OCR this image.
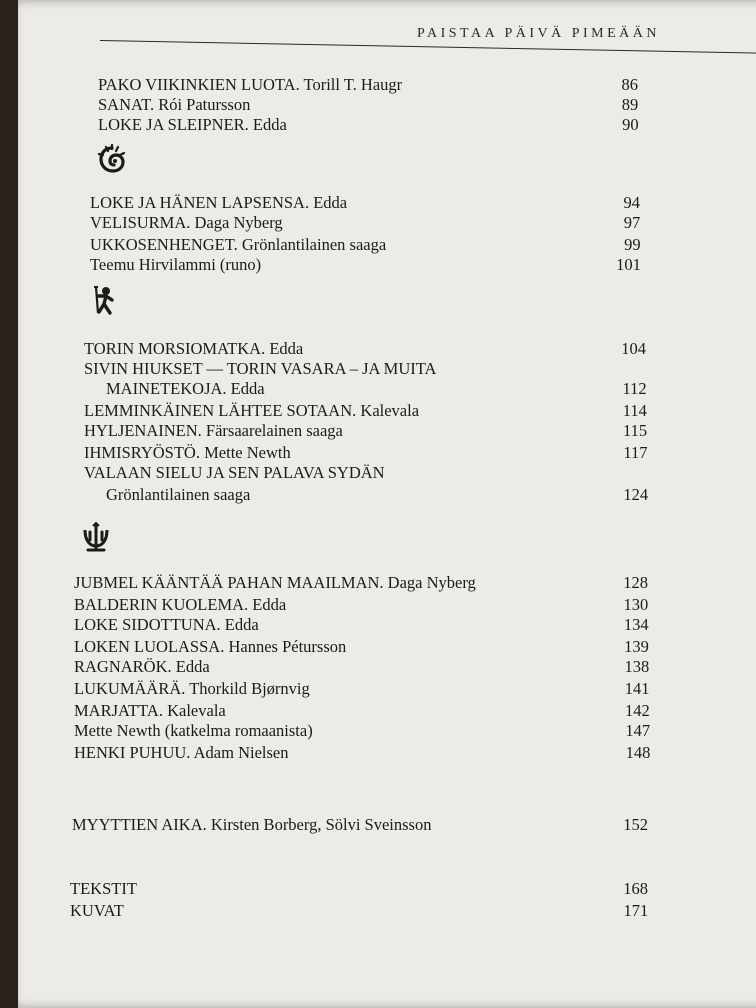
PAISTAA PÄIVÄ PIMEÄÄN
PAKO VIIKINKIEN LUOTA. Torill T. Haugr	86
SANAT. Rói Patursson	89
LOKE JA SLEIPNER. Edda	90
LOKE JA HÄNEN LAPSENSA. Edda	94
VELISURMA. Daga Nyberg	97
UKKOSENHENGET. Grönlantilainen saaga	99
Teemu Hirvilammi (runo)	101
TORIN MORSIOMATKA. Edda	104
SIVIN HIUKSET — TORIN VASARA – JA MUITA
MAINETEKOJA. Edda	112
LEMMINKÄINEN LÄHTEE SOTAAN. Kalevala	114
HYLJENAINEN. Färsaarelainen saaga	115
IHMISRYÖSTÖ. Mette Newth	117
VALAAN SIELU JA SEN PALAVA SYDÄN
Grönlantilainen saaga	124
JUBMEL KÄÄNTÄÄ PAHAN MAAILMAN. Daga Nyberg	128
BALDERIN KUOLEMA. Edda	130
LOKE SIDOTTUNA. Edda	134
LOKEN LUOLASSA. Hannes Pétursson	139
RAGNARÖK. Edda	138
LUKUMÄÄRÄ. Thorkild Bjørnvig	141
MARJATTA. Kalevala	142
Mette Newth (katkelma romaanista)	147
HENKI PUHUU. Adam Nielsen	148
MYYTTIEN AIKA. Kirsten Borberg, Sölvi Sveinsson	152
TEKSTIT	168
KUVAT	171
